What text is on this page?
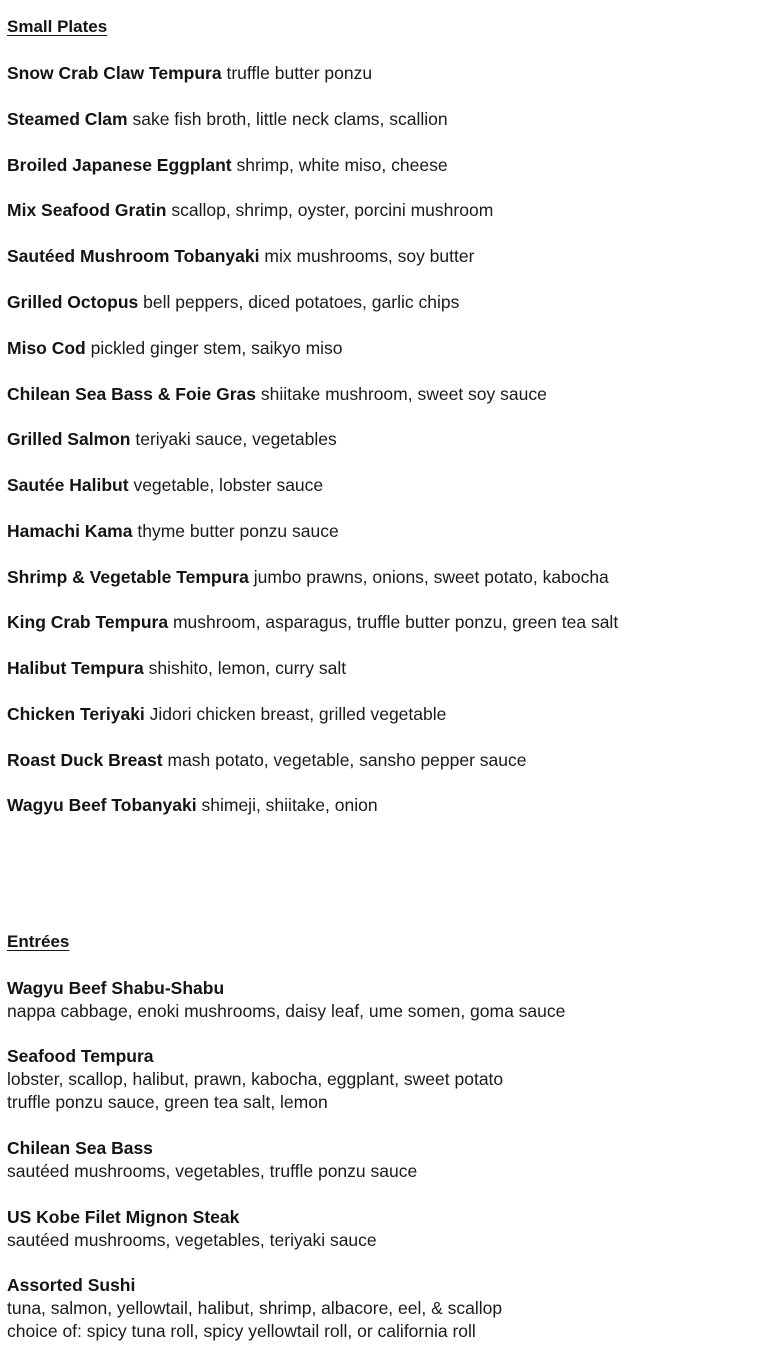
Small Plates
Snow Crab Claw Tempura truffle butter ponzu
Steamed Clam sake fish broth, little neck clams, scallion
Broiled Japanese Eggplant shrimp, white miso, cheese
Mix Seafood Gratin scallop, shrimp, oyster, porcini mushroom
Sautéed Mushroom Tobanyaki mix mushrooms, soy butter
Grilled Octopus bell peppers, diced potatoes, garlic chips
Miso Cod pickled ginger stem, saikyo miso
Chilean Sea Bass & Foie Gras shiitake mushroom, sweet soy sauce
Grilled Salmon teriyaki sauce, vegetables
Sautée Halibut vegetable, lobster sauce
Hamachi Kama thyme butter ponzu sauce
Shrimp & Vegetable Tempura jumbo prawns, onions, sweet potato, kabocha
King Crab Tempura mushroom, asparagus, truffle butter ponzu, green tea salt
Halibut Tempura shishito, lemon, curry salt
Chicken Teriyaki Jidori chicken breast, grilled vegetable
Roast Duck Breast mash potato, vegetable, sansho pepper sauce
Wagyu Beef Tobanyaki shimeji, shiitake, onion
Entrées
Wagyu Beef Shabu-Shabu
nappa cabbage, enoki mushrooms, daisy leaf, ume somen, goma sauce
Seafood Tempura
lobster, scallop, halibut, prawn, kabocha, eggplant, sweet potato
truffle ponzu sauce, green tea salt, lemon
Chilean Sea Bass
sautéed mushrooms, vegetables, truffle ponzu sauce
US Kobe Filet Mignon Steak
sautéed mushrooms, vegetables, teriyaki sauce
Assorted Sushi
tuna, salmon, yellowtail, halibut, shrimp, albacore, eel, & scallop
choice of: spicy tuna roll, spicy yellowtail roll, or california roll
